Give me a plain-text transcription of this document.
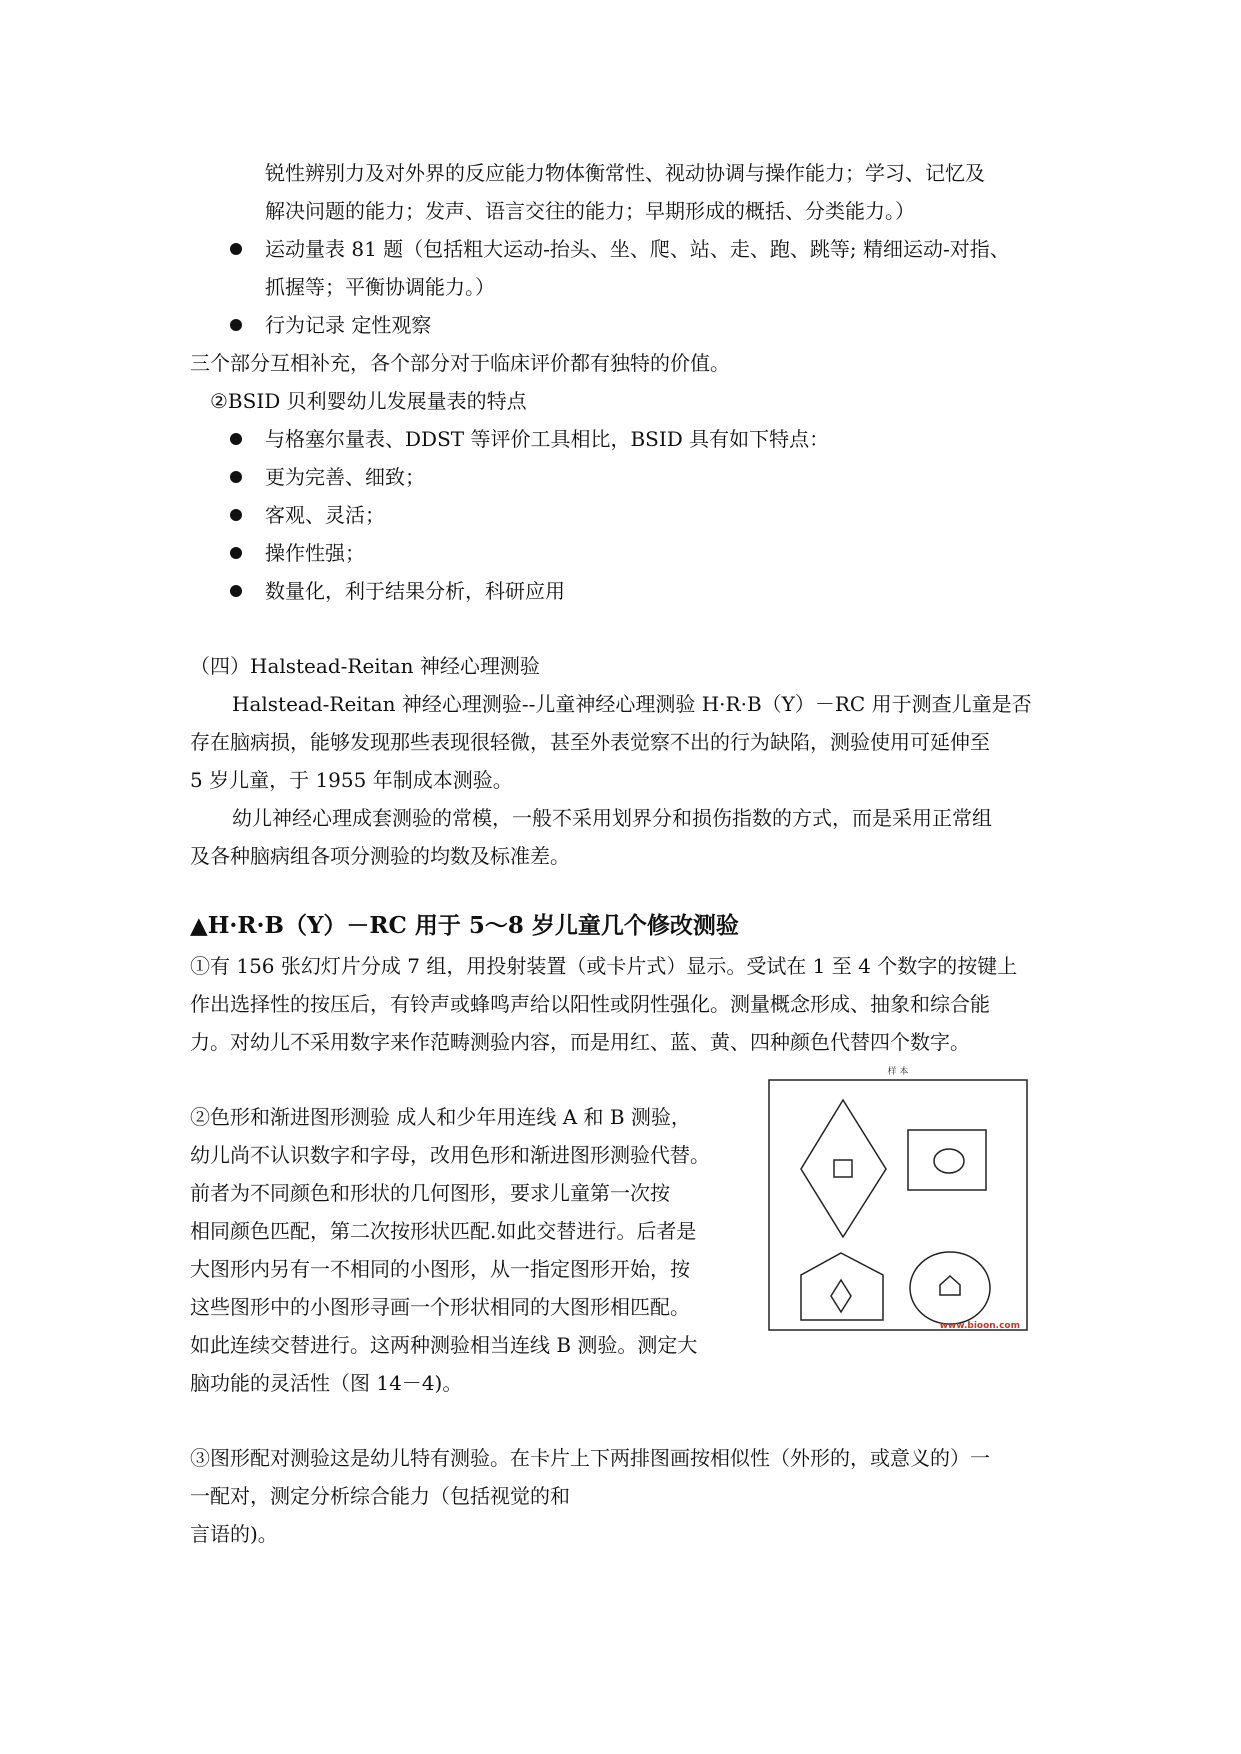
锐性辨别力及对外界的反应能力物体衡常性、视动协调与操作能力；学习、记忆及
解决问题的能力；发声、语言交往的能力；早期形成的概括、分类能力。）
运动量表 81 题（包括粗大运动-抬头、坐、爬、站、走、跑、跳等; 精细运动-对指、
抓握等；平衡协调能力。）
行为记录 定性观察
三个部分互相补充，各个部分对于临床评价都有独特的价值。
②BSID 贝利婴幼儿发展量表的特点
与格塞尔量表、DDST 等评价工具相比，BSID 具有如下特点：
更为完善、细致；
客观、灵活；
操作性强；
数量化，利于结果分析，科研应用
（四）Halstead-Reitan 神经心理测验
Halstead-Reitan 神经心理测验--儿童神经心理测验 H·R·B（Y）－RC 用于测查儿童是否
存在脑病损，能够发现那些表现很轻微，甚至外表觉察不出的行为缺陷，测验使用可延伸至
5 岁儿童，于 1955 年制成本测验。
幼儿神经心理成套测验的常模，一般不采用划界分和损伤指数的方式，而是采用正常组
及各种脑病组各项分测验的均数及标准差。
▲H·R·B（Y）－RC 用于 5～8 岁儿童几个修改测验
①有 156 张幻灯片分成 7 组，用投射装置（或卡片式）显示。受试在 1 至 4 个数字的按键上
作出选择性的按压后，有铃声或蜂鸣声给以阳性或阴性强化。测量概念形成、抽象和综合能
力。对幼儿不采用数字来作范畴测验内容，而是用红、蓝、黄、四种颜色代替四个数字。
②色形和渐进图形测验 成人和少年用连线 A 和 B 测验，
幼儿尚不认识数字和字母，改用色形和渐进图形测验代替。
前者为不同颜色和形状的几何图形，要求儿童第一次按
相同颜色匹配，第二次按形状匹配.如此交替进行。后者是
大图形内另有一不相同的小图形，从一指定图形开始，按
这些图形中的小图形寻画一个形状相同的大图形相匹配。
如此连续交替进行。这两种测验相当连线 B 测验。测定大
脑功能的灵活性（图 14－4)。
样 本
www.bioon.com
③图形配对测验这是幼儿特有测验。在卡片上下两排图画按相似性（外形的，或意义的）一
一配对，测定分析综合能力（包括视觉的和
言语的)。
